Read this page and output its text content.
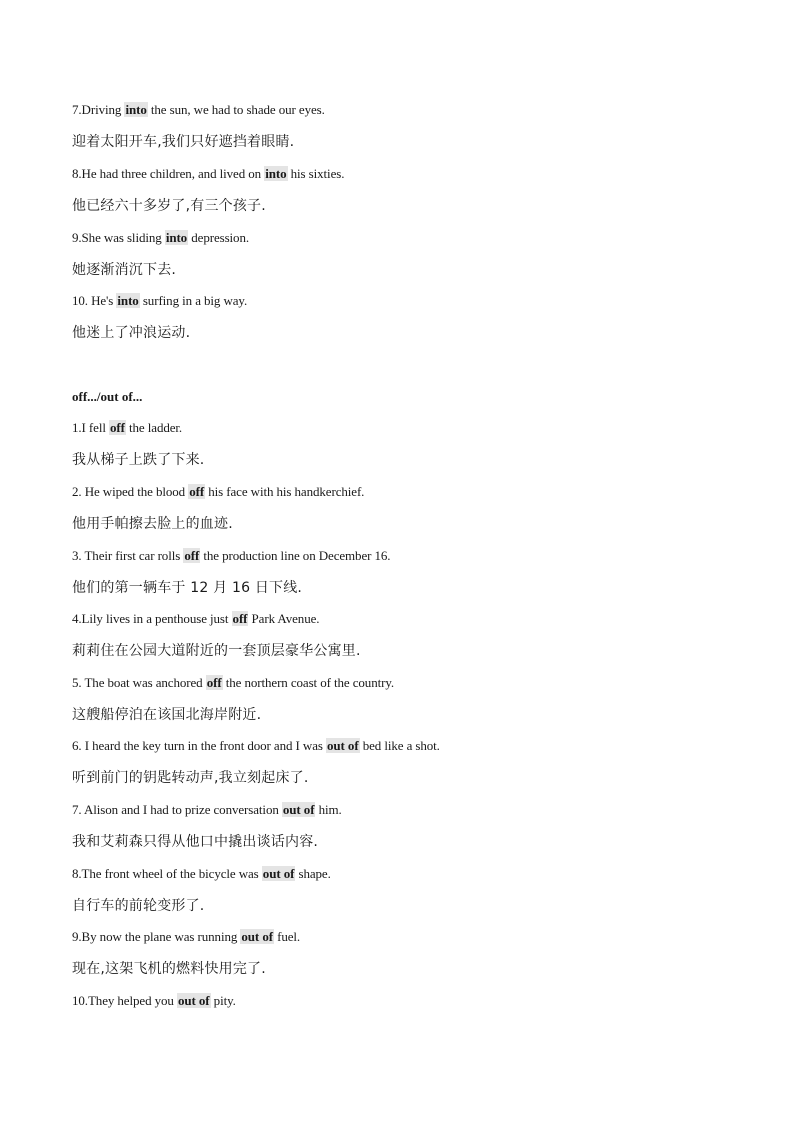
7.Driving into the sun, we had to shade our eyes.
迎着太阳开车,我们只好遮挡着眼睛.
8.He had three children, and lived on into his sixties.
他已经六十多岁了,有三个孩子.
9.She was sliding into depression.
她逐渐消沉下去.
10. He's into surfing in a big way.
他迷上了冲浪运动.
off.../out of...
1.I fell off the ladder.
我从梯子上跌了下来.
2. He wiped the blood off his face with his handkerchief.
他用手帕擦去脸上的血迹.
3. Their first car rolls off the production line on December 16.
他们的第一辆车于 12 月 16 日下线.
4.Lily lives in a penthouse just off Park Avenue.
莉莉住在公园大道附近的一套顶层豪华公寓里.
5. The boat was anchored off the northern coast of the country.
这艘船停泊在该国北海岸附近.
6. I heard the key turn in the front door and I was out of bed like a shot.
听到前门的钥匙转动声,我立刻起床了.
7. Alison and I had to prize conversation out of him.
我和艾莉森只得从他口中撬出谈话内容.
8.The front wheel of the bicycle was out of shape.
自行车的前轮变形了.
9.By now the plane was running out of fuel.
现在,这架飞机的燃料快用完了.
10.They helped you out of pity.
